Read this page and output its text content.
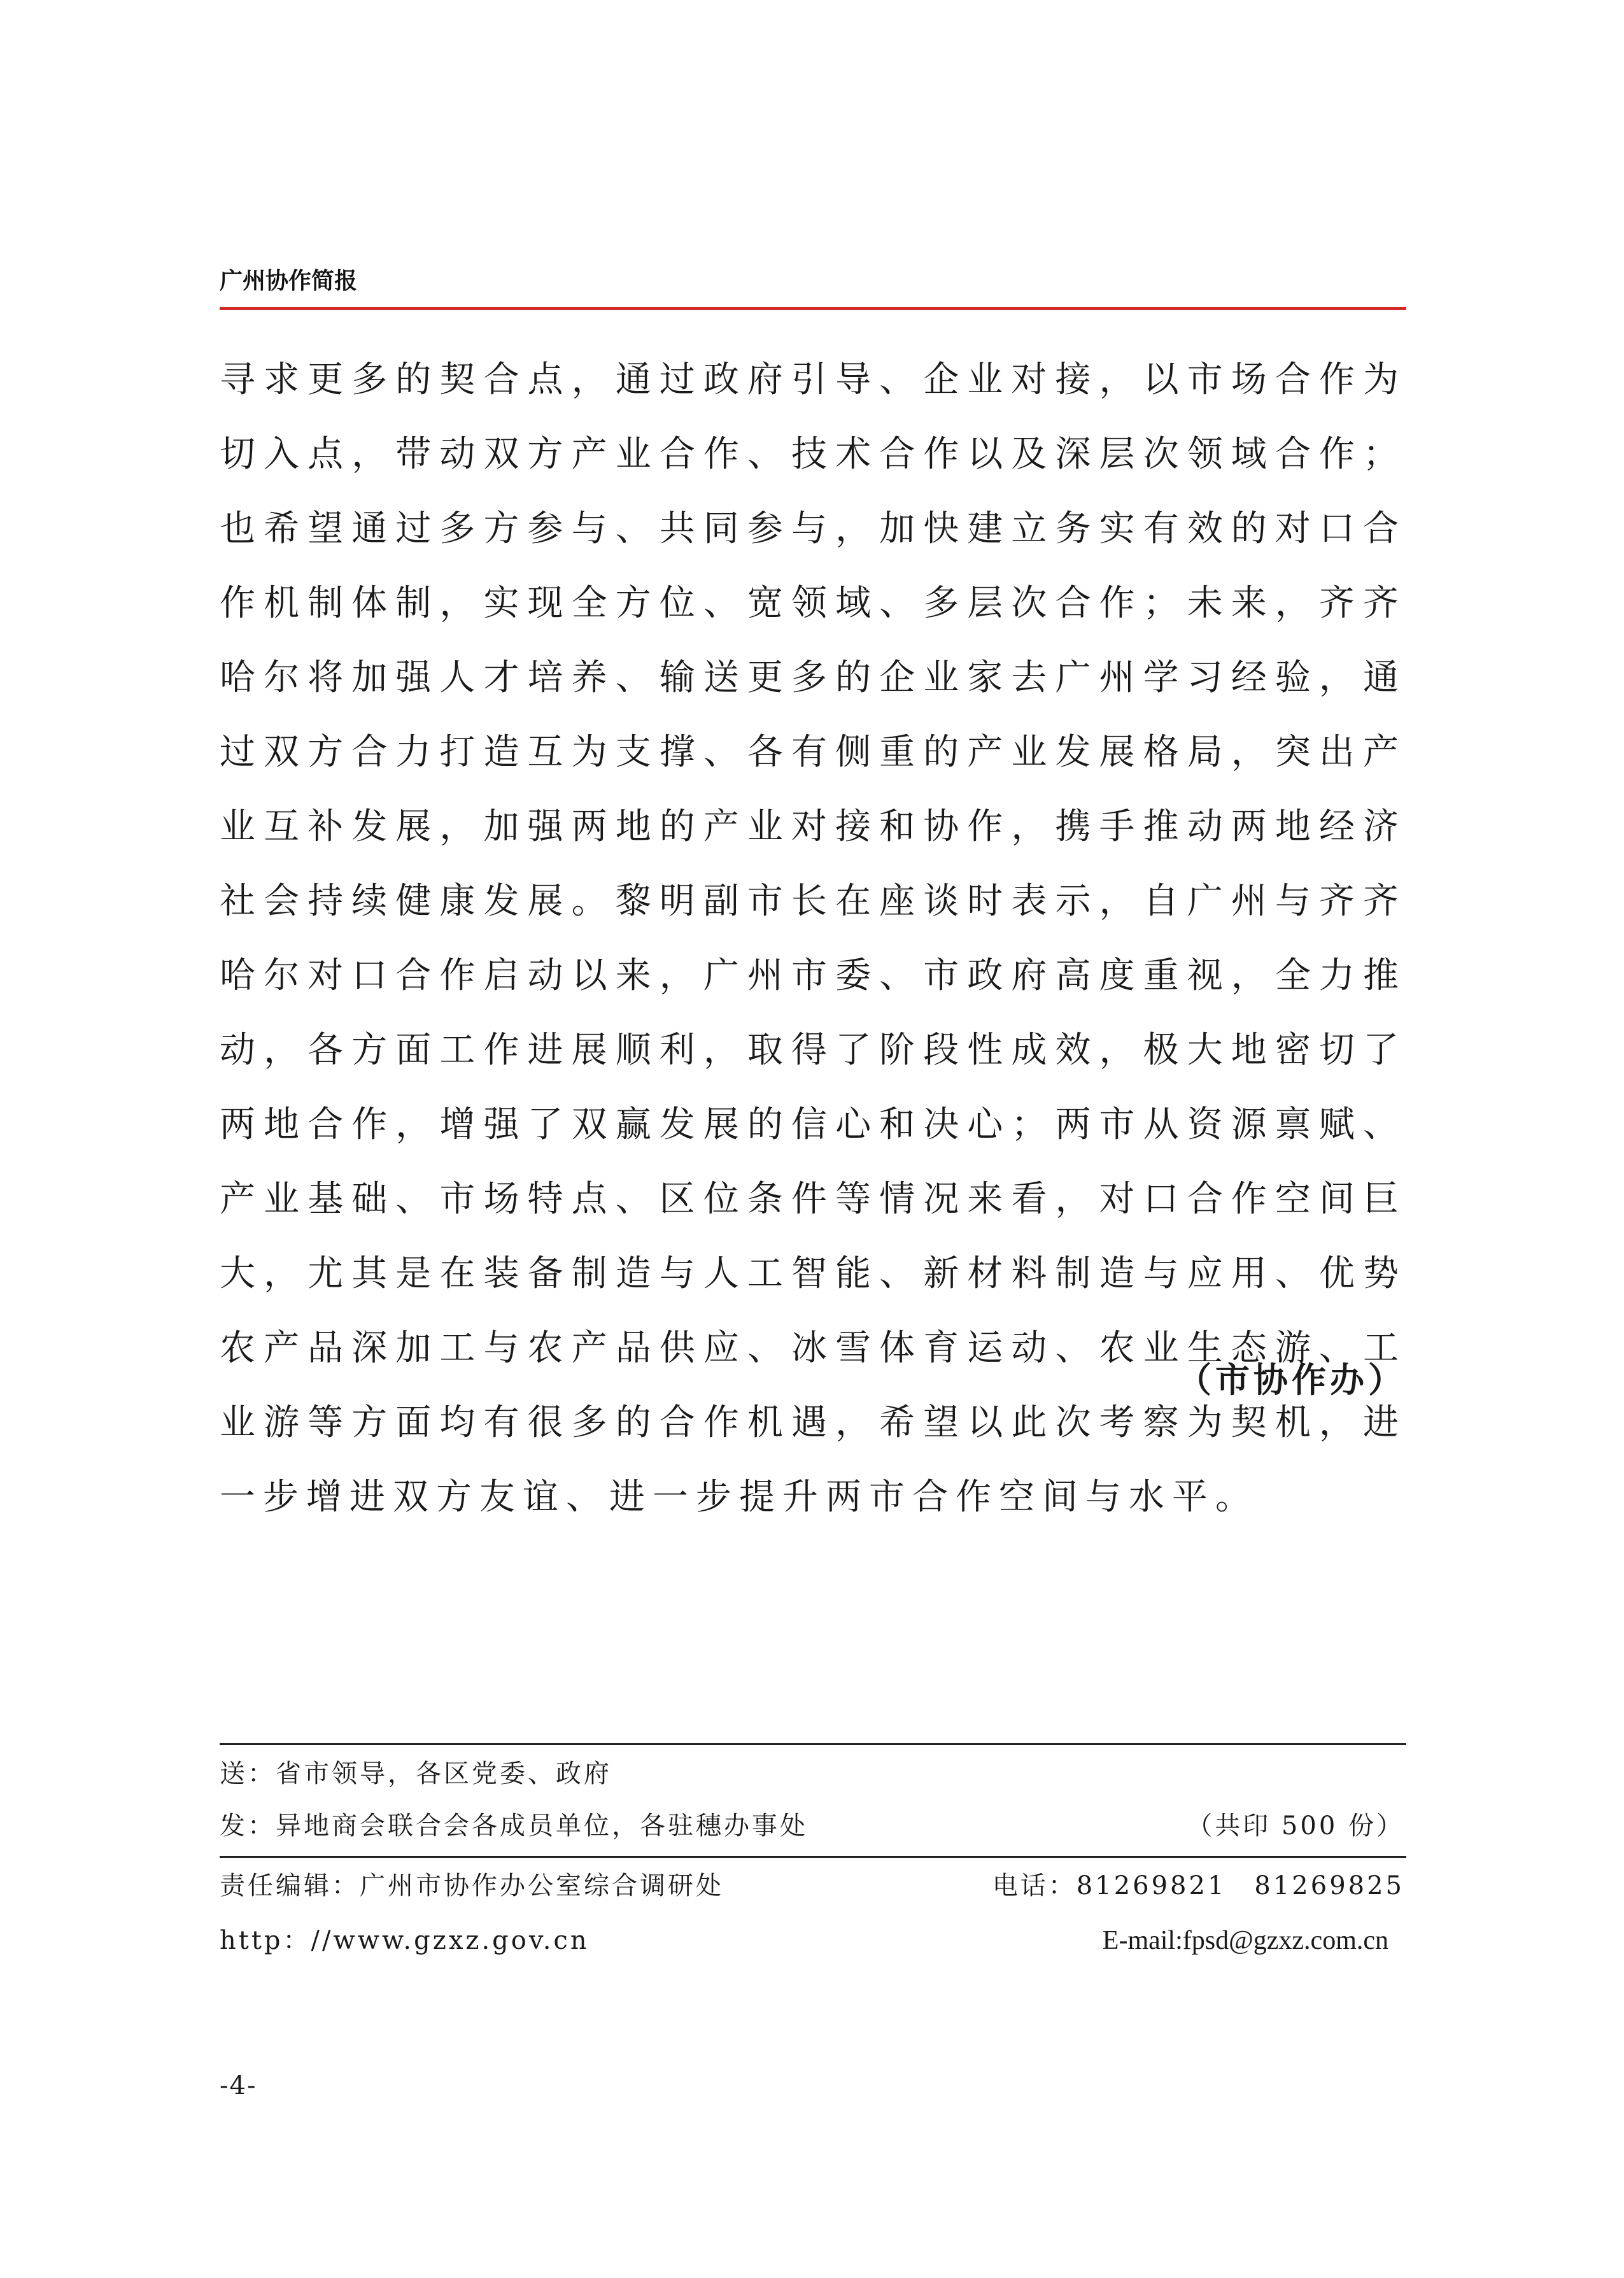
广州协作简报

寻求更多的契合点，通过政府引导、企业对接，以市场合作为切入点，带动双方产业合作、技术合作以及深层次领域合作；也希望通过多方参与、共同参与，加快建立务实有效的对口合作机制体制，实现全方位、宽领域、多层次合作；未来，齐齐哈尔将加强人才培养、输送更多的企业家去广州学习经验，通过双方合力打造互为支撑、各有侧重的产业发展格局，突出产业互补发展，加强两地的产业对接和协作，携手推动两地经济社会持续健康发展。黎明副市长在座谈时表示，自广州与齐齐哈尔对口合作启动以来，广州市委、市政府高度重视，全力推动，各方面工作进展顺利，取得了阶段性成效，极大地密切了两地合作，增强了双赢发展的信心和决心；两市从资源禀赋、产业基础、市场特点、区位条件等情况来看，对口合作空间巨大，尤其是在装备制造与人工智能、新材料制造与应用、优势农产品深加工与农产品供应、冰雪体育运动、农业生态游、工业游等方面均有很多的合作机遇，希望以此次考察为契机，进一步增进双方友谊、进一步提升两市合作空间与水平。

（市协作办）
送：省市领导，各区党委、政府
发：异地商会联合会各成员单位，各驻穗办事处	（共印 500 份）
责任编辑：广州市协作办公室综合调研处	电话：81269821　81269825
http：//www.gzxz.gov.cn	E-mail:fpsd@gzxz.com.cn
-4-
